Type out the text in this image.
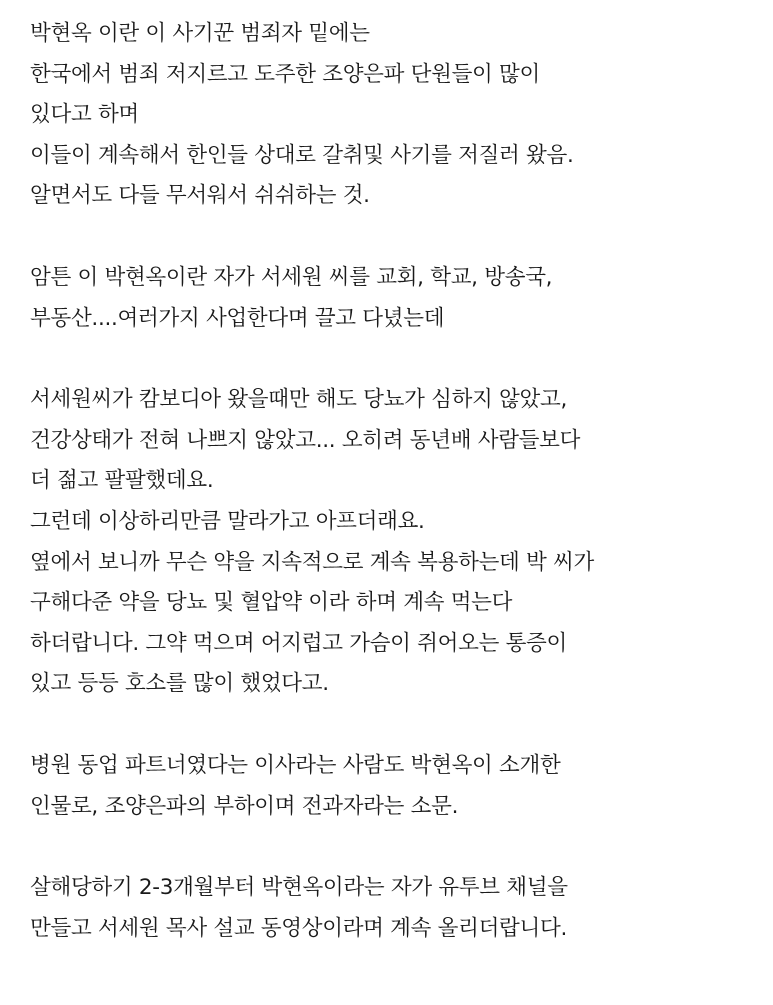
박현옥 이란 이 사기꾼 범죄자 밑에는
한국에서 범죄 저지르고 도주한 조양은파 단원들이 많이
있다고 하며
이들이 계속해서 한인들 상대로 갈취및 사기를 저질러 왔음.
알면서도 다들 무서워서 쉬쉬하는 것.
암튼 이 박현옥이란 자가 서세원 씨를 교회, 학교, 방송국,
부동산....여러가지 사업한다며 끌고 다녔는데
서세원씨가 캄보디아 왔을때만 해도 당뇨가 심하지 않았고,
건강상태가 전혀 나쁘지 않았고... 오히려 동년배 사람들보다
더 젊고 팔팔했데요.
그런데 이상하리만큼 말라가고 아프더래요.
옆에서 보니까 무슨 약을 지속적으로 계속 복용하는데 박 씨가
구해다준 약을 당뇨 및 혈압약 이라 하며 계속 먹는다
하더랍니다. 그약 먹으며 어지럽고 가슴이 쥐어오는 통증이
있고 등등 호소를 많이 했었다고.
병원 동업 파트너였다는 이사라는 사람도 박현옥이 소개한
인물로, 조양은파의 부하이며 전과자라는 소문.
살해당하기 2-3개월부터 박현옥이라는 자가 유투브 채널을
만들고 서세원 목사 설교 동영상이라며 계속 올리더랍니다.
